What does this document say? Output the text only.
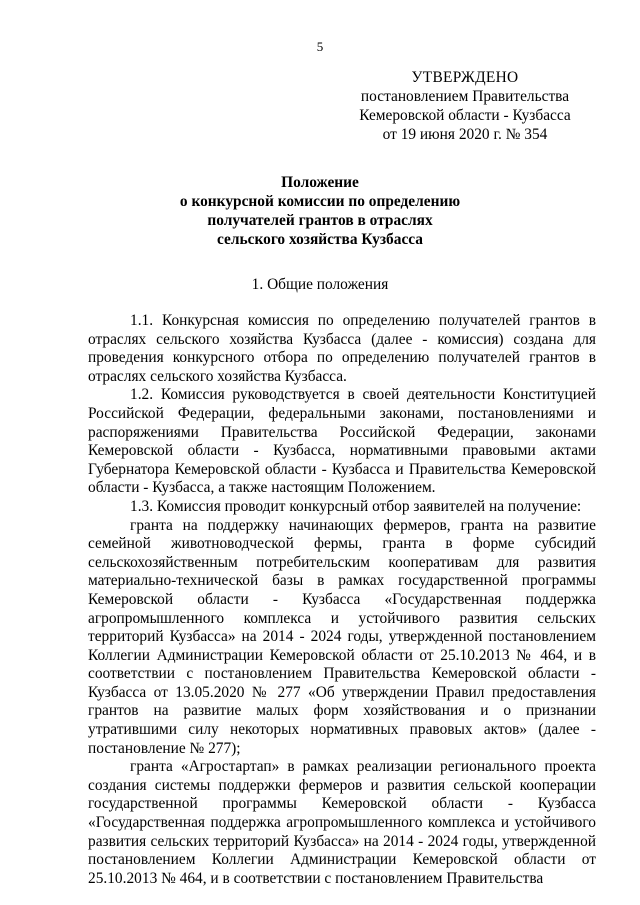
5
УТВЕРЖДЕНО
постановлением Правительства
Кемеровской области - Кузбасса
от 19 июня 2020 г. № 354
Положение
о конкурсной комиссии по определению
получателей грантов в отраслях
сельского хозяйства Кузбасса
1. Общие положения

1.1. Конкурсная комиссия по определению получателей грантов в отраслях сельского хозяйства Кузбасса (далее - комиссия) создана для проведения конкурсного отбора по определению получателей грантов в отраслях сельского хозяйства Кузбасса.

1.2. Комиссия руководствуется в своей деятельности Конституцией Российской Федерации, федеральными законами, постановлениями и распоряжениями Правительства Российской Федерации, законами Кемеровской области - Кузбасса, нормативными правовыми актами Губернатора Кемеровской области - Кузбасса и Правительства Кемеровской области - Кузбасса, а также настоящим Положением.

1.3. Комиссия проводит конкурсный отбор заявителей на получение:

гранта на поддержку начинающих фермеров, гранта на развитие семейной животноводческой фермы, гранта в форме субсидий сельскохозяйственным потребительским кооперативам для развития материально-технической базы в рамках государственной программы Кемеровской области - Кузбасса «Государственная поддержка агропромышленного комплекса и устойчивого развития сельских территорий Кузбасса» на 2014 - 2024 годы, утвержденной постановлением Коллегии Администрации Кемеровской области от 25.10.2013 № 464, и в соответствии с постановлением Правительства Кемеровской области - Кузбасса от 13.05.2020 № 277 «Об утверждении Правил предоставления грантов на развитие малых форм хозяйствования и о признании утратившими силу некоторых нормативных правовых актов» (далее - постановление № 277);

гранта «Агростартап» в рамках реализации регионального проекта создания системы поддержки фермеров и развития сельской кооперации государственной программы Кемеровской области - Кузбасса «Государственная поддержка агропромышленного комплекса и устойчивого развития сельских территорий Кузбасса» на 2014 - 2024 годы, утвержденной постановлением Коллегии Администрации Кемеровской области от 25.10.2013 № 464, и в соответствии с постановлением Правительства
